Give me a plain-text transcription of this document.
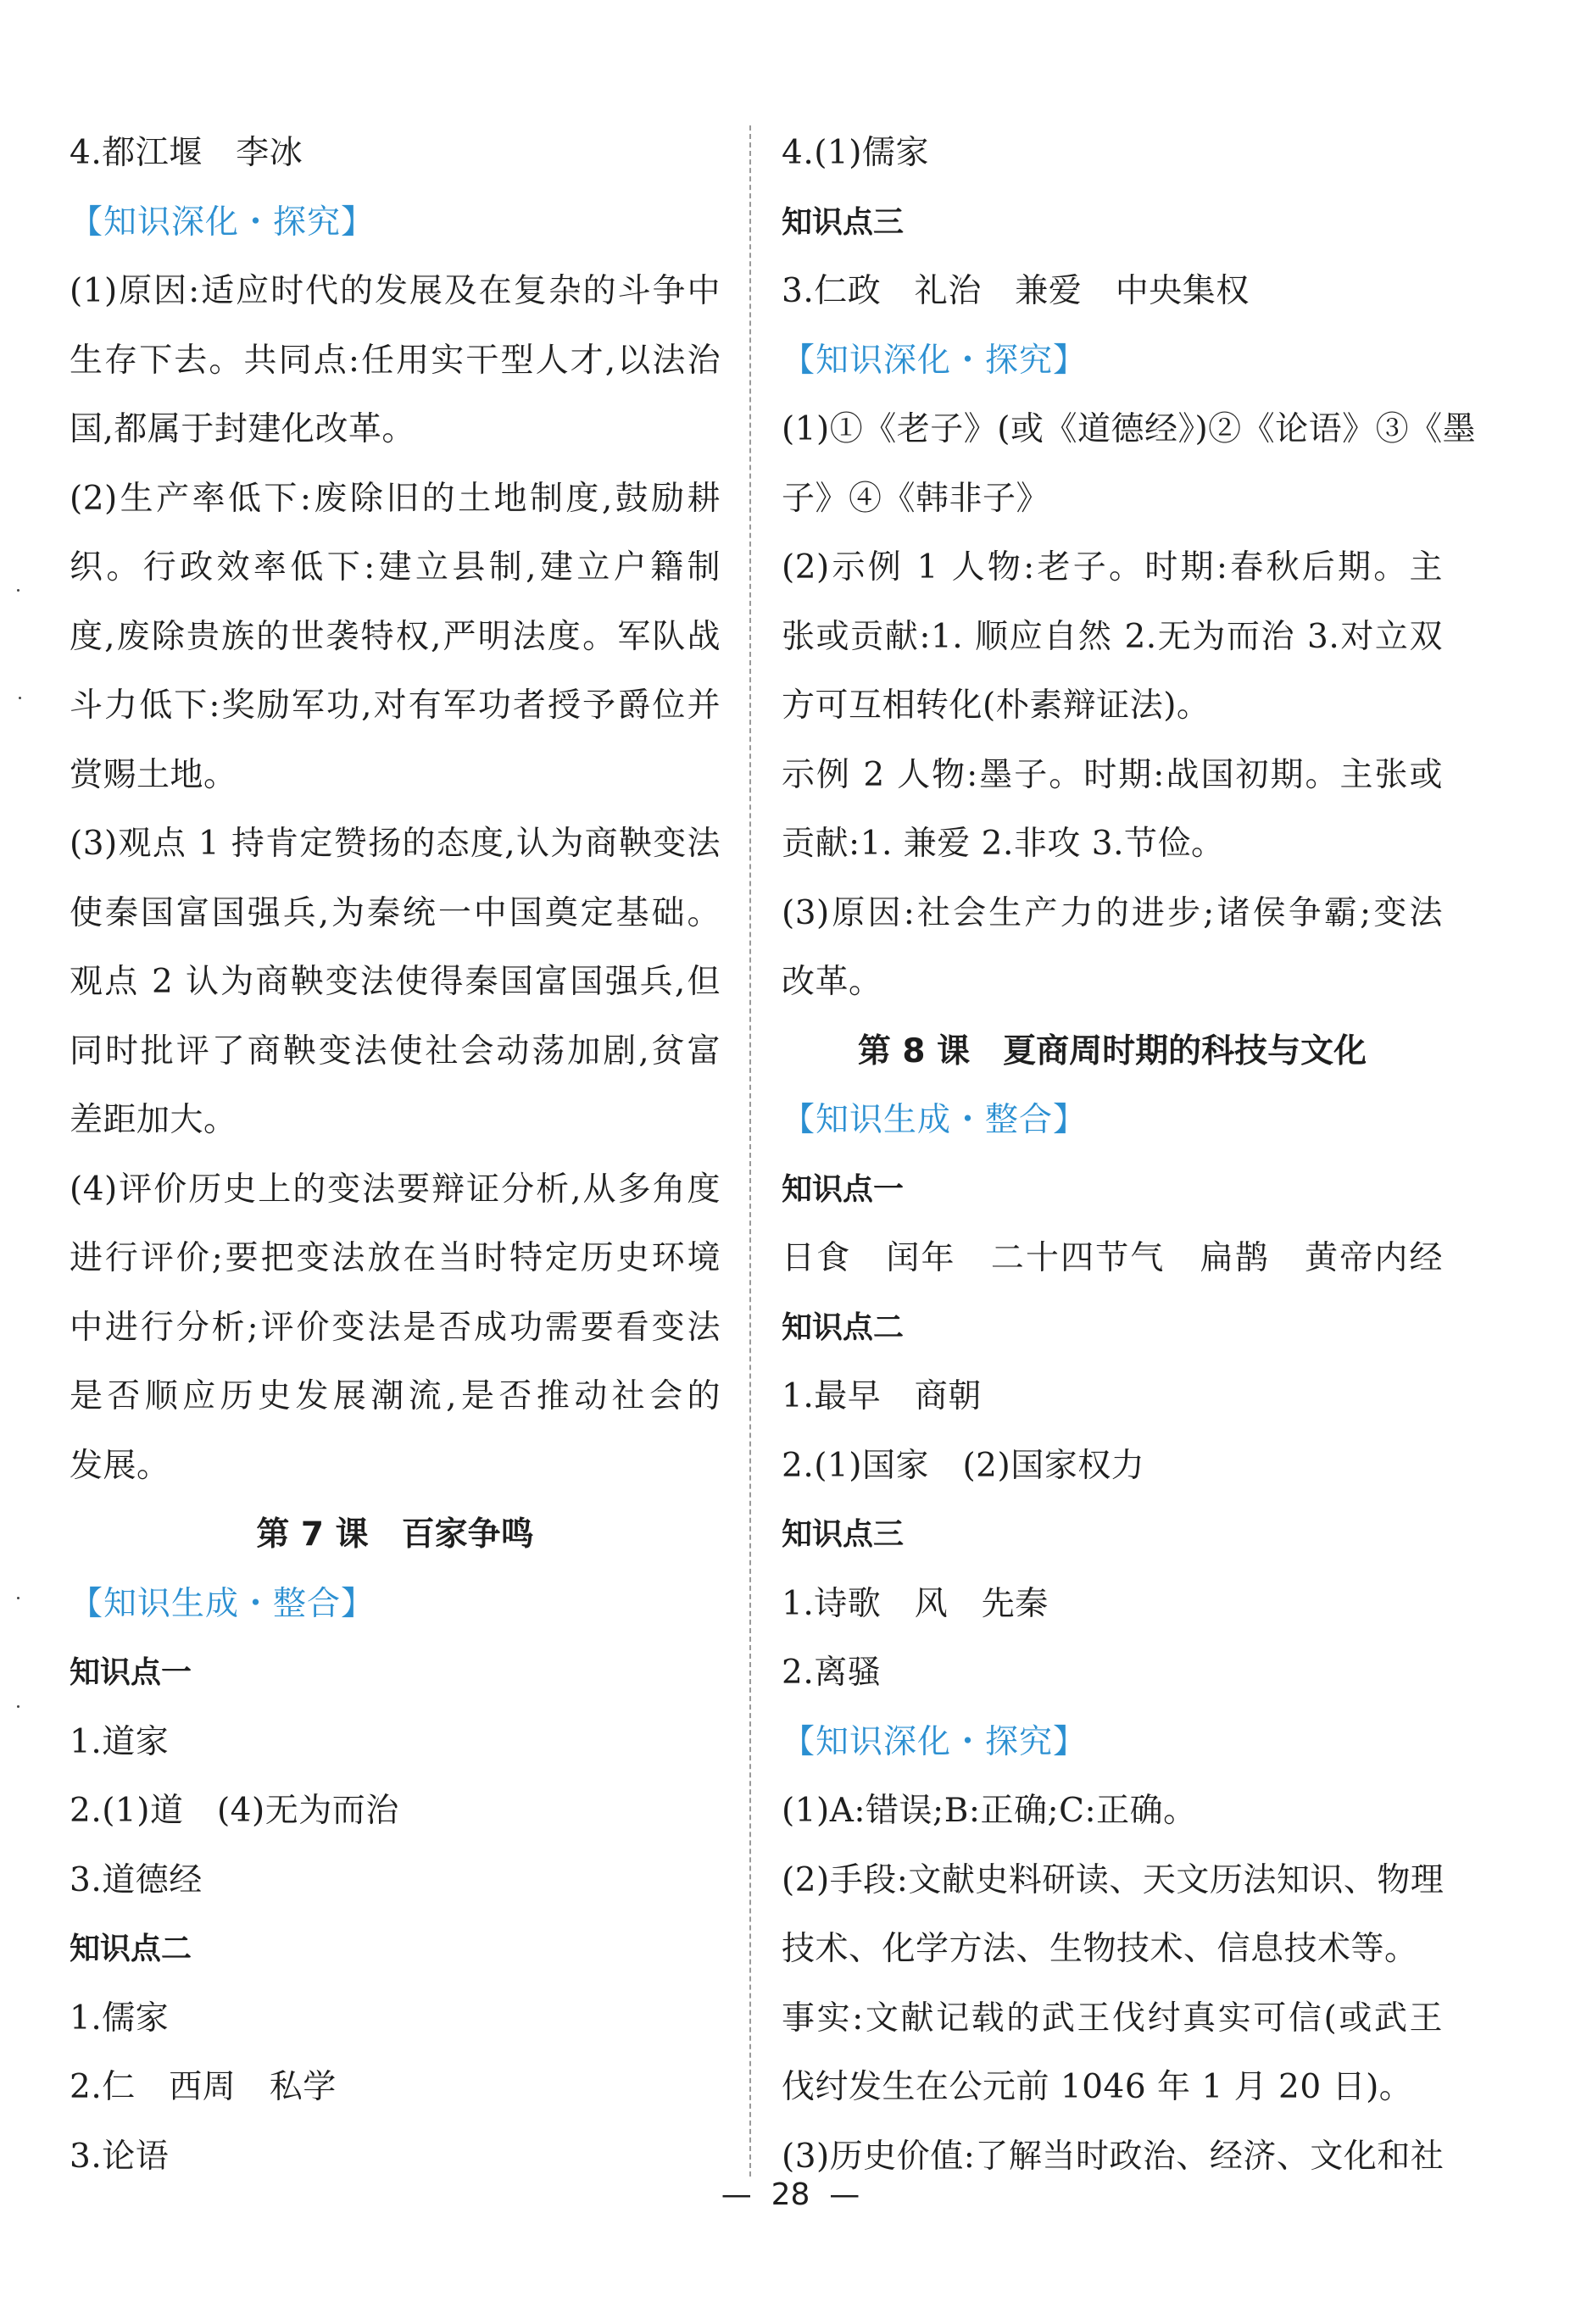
4.都江堰　李冰
【知识深化・探究】
(1)原因:适应时代的发展及在复杂的斗争中
生存下去。共同点:任用实干型人才,以法治
国,都属于封建化改革。
(2)生产率低下:废除旧的土地制度,鼓励耕
织。行政效率低下:建立县制,建立户籍制
度,废除贵族的世袭特权,严明法度。军队战
斗力低下:奖励军功,对有军功者授予爵位并
赏赐土地。
(3)观点 1 持肯定赞扬的态度,认为商鞅变法
使秦国富国强兵,为秦统一中国奠定基础。
观点 2 认为商鞅变法使得秦国富国强兵,但
同时批评了商鞅变法使社会动荡加剧,贫富
差距加大。
(4)评价历史上的变法要辩证分析,从多角度
进行评价;要把变法放在当时特定历史环境
中进行分析;评价变法是否成功需要看变法
是否顺应历史发展潮流,是否推动社会的
发展。
第 7 课　百家争鸣
【知识生成・整合】
知识点一
1.道家
2.(1)道　(4)无为而治
3.道德经
知识点二
1.儒家
2.仁　西周　私学
3.论语
4.(1)儒家
知识点三
3.仁政　礼治　兼爱　中央集权
【知识深化・探究】
(1)①《老子》(或《道德经》)②《论语》③《墨
子》④《韩非子》
(2)示例 1 人物:老子。时期:春秋后期。主
张或贡献:1. 顺应自然 2.无为而治 3.对立双
方可互相转化(朴素辩证法)。
示例 2 人物:墨子。时期:战国初期。主张或
贡献:1. 兼爱 2.非攻 3.节俭。
(3)原因:社会生产力的进步;诸侯争霸;变法
改革。
第 8 课　夏商周时期的科技与文化
【知识生成・整合】
知识点一
日食　闰年　二十四节气　扁鹊　黄帝内经
知识点二
1.最早　商朝
2.(1)国家　(2)国家权力
知识点三
1.诗歌　风　先秦
2.离骚
【知识深化・探究】
(1)A:错误;B:正确;C:正确。
(2)手段:文献史料研读、天文历法知识、物理
技术、化学方法、生物技术、信息技术等。
事实:文献记载的武王伐纣真实可信(或武王
伐纣发生在公元前 1046 年 1 月 20 日)。
(3)历史价值:了解当时政治、经济、文化和社
—  28  —
